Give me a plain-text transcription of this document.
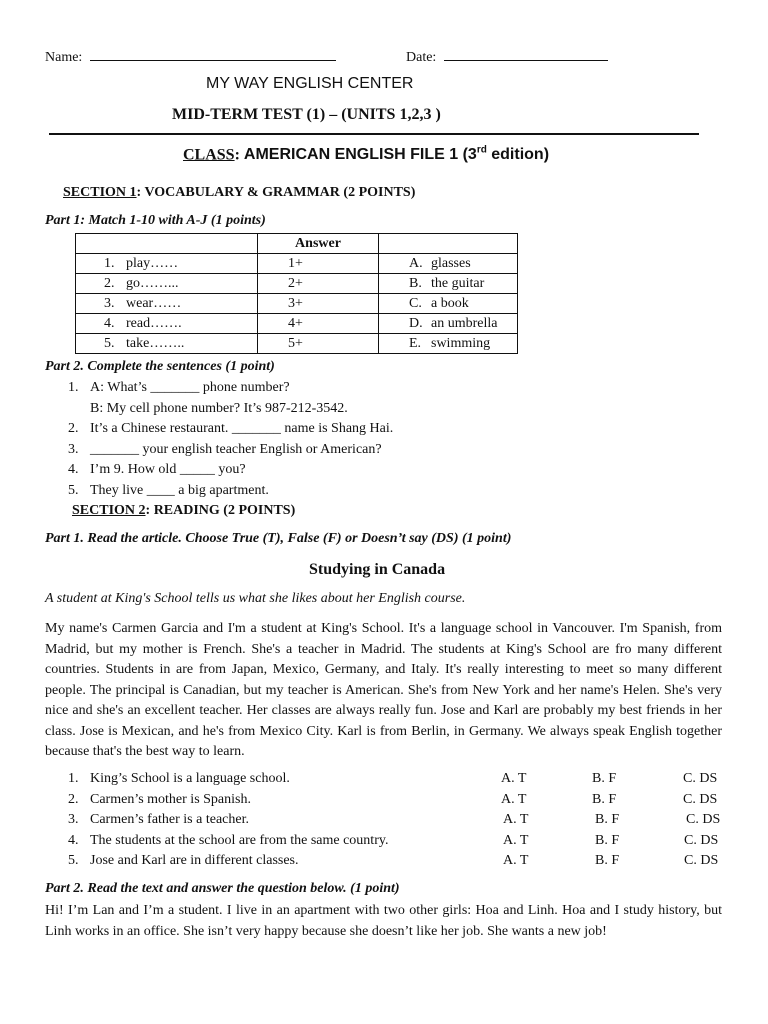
Name:	Date:
MY WAY ENGLISH CENTER
MID-TERM TEST (1) – (UNITS 1,2,3 )
CLASS: AMERICAN ENGLISH FILE 1 (3rd edition)
SECTION 1: VOCABULARY & GRAMMAR (2 POINTS)
Part 1: Match 1-10 with A-J (1 points)
	Answer	
1. play……	1+	A. glasses
2. go……...	2+	B. the guitar
3. wear……	3+	C. a book
4. read…….	4+	D. an umbrella
5. take……..	5+	E. swimming
Part 2. Complete the sentences (1 point)
1. A: What’s _______ phone number?
B: My cell phone number? It’s 987-212-3542.
2. It’s a Chinese restaurant. _______ name is Shang Hai.
3. _______ your english teacher English or American?
4. I’m 9. How old _____ you?
5. They live ____ a big apartment.
SECTION 2: READING (2 POINTS)
Part 1. Read the article. Choose True (T), False (F) or Doesn’t say (DS) (1 point)
Studying in Canada
A student at King's School tells us what she likes about her English course.
My name's Carmen Garcia and I'm a student at King's School. It's a language school in Vancouver. I'm Spanish, from Madrid, but my mother is French. She's a teacher in Madrid. The students at King's School are fro many different countries. Students in are from Japan, Mexico, Germany, and Italy. It's really interesting to meet so many different people. The principal is Canadian, but my teacher is American. She's from New York and her name's Helen. She's very nice and she's an excellent teacher. Her classes are always really fun. Jose and Karl are probably my best friends in her class. Jose is Mexican, and he's from Mexico City. Karl is from Berlin, in Germany. We always speak English together because that's the best way to learn.
1. King’s School is a language school.	A. T	B. F	C. DS
2. Carmen’s mother is Spanish.	A. T	B. F	C. DS
3. Carmen’s father is a teacher.	A. T	B. F	C. DS
4. The students at the school are from the same country.	A. T	B. F	C. DS
5. Jose and Karl are in different classes.	A. T	B. F	C. DS
Part 2. Read the text and answer the question below. (1 point)
Hi! I’m Lan and I’m a student. I live in an apartment with two other girls: Hoa and Linh. Hoa and I study history, but Linh works in an office. She isn’t very happy because she doesn’t like her job. She wants a new job!
